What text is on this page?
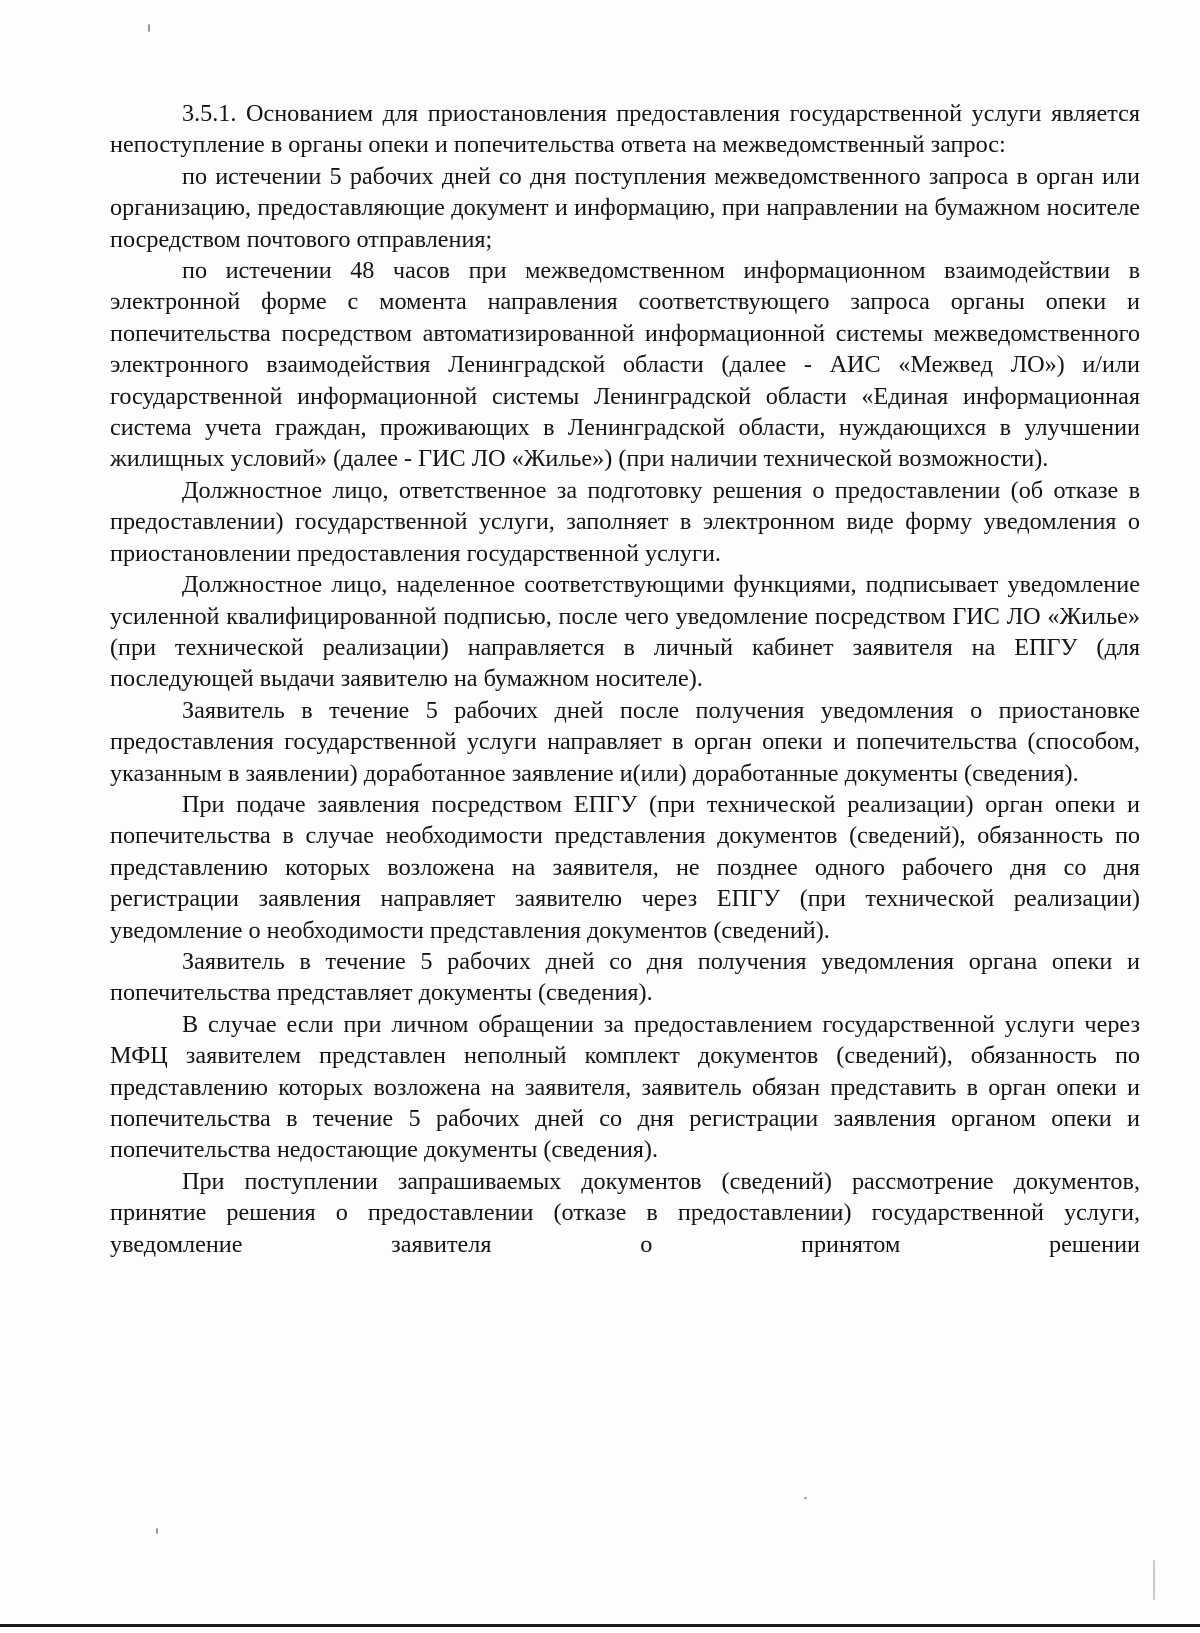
3.5.1. Основанием для приостановления предоставления государственной услуги является непоступление в органы опеки и попечительства ответа на межведомственный запрос:

по истечении 5 рабочих дней со дня поступления межведомственного запроса в орган или организацию, предоставляющие документ и информацию, при направлении на бумажном носителе посредством почтового отправления;

по истечении 48 часов при межведомственном информационном взаимодействии в электронной форме с момента направления соответствующего запроса органы опеки и попечительства посредством автоматизированной информационной системы межведомственного электронного взаимодействия Ленинградской области (далее - АИС «Межвед ЛО») и/или государственной информационной системы Ленинградской области «Единая информационная система учета граждан, проживающих в Ленинградской области, нуждающихся в улучшении жилищных условий» (далее - ГИС ЛО «Жилье») (при наличии технической возможности).

Должностное лицо, ответственное за подготовку решения о предоставлении (об отказе в предоставлении) государственной услуги, заполняет в электронном виде форму уведомления о приостановлении предоставления государственной услуги.

Должностное лицо, наделенное соответствующими функциями, подписывает уведомление усиленной квалифицированной подписью, после чего уведомление посредством ГИС ЛО «Жилье» (при технической реализации) направляется в личный кабинет заявителя на ЕПГУ (для последующей выдачи заявителю на бумажном носителе).

Заявитель в течение 5 рабочих дней после получения уведомления о приостановке предоставления государственной услуги направляет в орган опеки и попечительства (способом, указанным в заявлении) доработанное заявление и(или) доработанные документы (сведения).

При подаче заявления посредством ЕПГУ (при технической реализации) орган опеки и попечительства в случае необходимости представления документов (сведений), обязанность по представлению которых возложена на заявителя, не позднее одного рабочего дня со дня регистрации заявления направляет заявителю через ЕПГУ (при технической реализации) уведомление о необходимости представления документов (сведений).

Заявитель в течение 5 рабочих дней со дня получения уведомления органа опеки и попечительства представляет документы (сведения).

В случае если при личном обращении за предоставлением государственной услуги через МФЦ заявителем представлен неполный комплект документов (сведений), обязанность по представлению которых возложена на заявителя, заявитель обязан представить в орган опеки и попечительства в течение 5 рабочих дней со дня регистрации заявления органом опеки и попечительства недостающие документы (сведения).

При поступлении запрашиваемых документов (сведений) рассмотрение документов, принятие решения о предоставлении (отказе в предоставлении) государственной услуги, уведомление заявителя о принятом решении
